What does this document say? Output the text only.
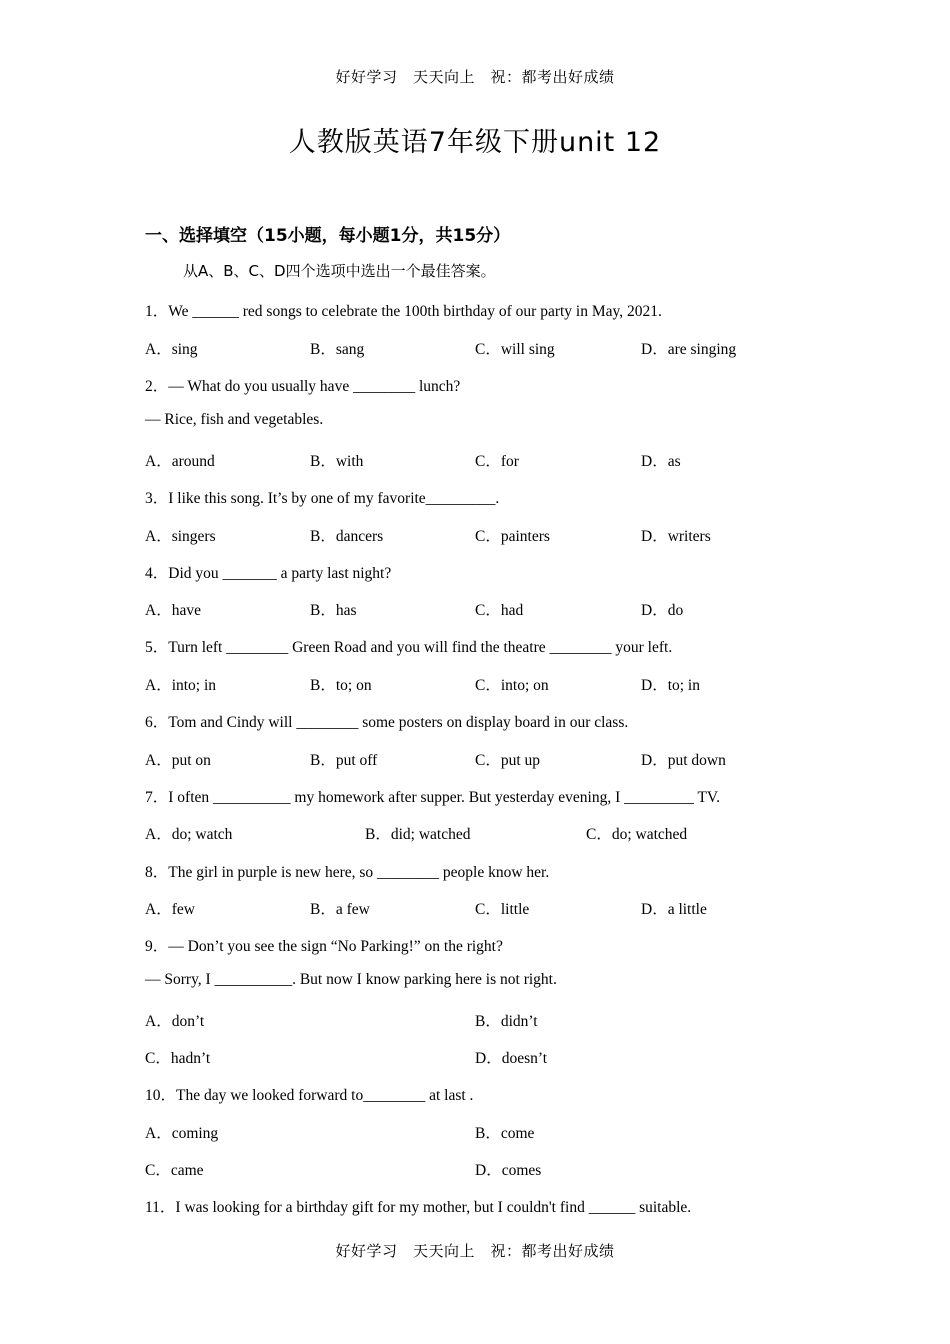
好好学习　天天向上　祝：都考出好成绩
人教版英语7年级下册unit 12
一、选择填空（15小题，每小题1分，共15分）
从A、B、C、D四个选项中选出一个最佳答案。
1．We ______ red songs to celebrate the 100th birthday of our party in May, 2021.
A．sing	B．sang	C．will sing	D．are singing
2．— What do you usually have ________ lunch?
— Rice, fish and vegetables.
A．around	B．with	C．for	D．as
3．I like this song. It’s by one of my favorite_________.
A．singers	B．dancers	C．painters	D．writers
4．Did you _______ a party last night?
A．have	B．has	C．had	D．do
5．Turn left ________ Green Road and you will find the theatre ________ your left.
A．into; in	B．to; on	C．into; on	D．to; in
6．Tom and Cindy will ________ some posters on display board in our class.
A．put on	B．put off	C．put up	D．put down
7．I often __________ my homework after supper. But yesterday evening, I _________ TV.
A．do; watch	B．did; watched	C．do; watched
8．The girl in purple is new here, so ________ people know her.
A．few	B．a few	C．little	D．a little
9．— Don’t you see the sign “No Parking!” on the right?
— Sorry, I __________. But now I know parking here is not right.
A．don’t	B．didn’t
C．hadn’t	D．doesn’t
10．The day we looked forward to________ at last .
A．coming	B．come
C．came	D．comes
11．I was looking for a birthday gift for my mother, but I couldn't find ______ suitable.
好好学习　天天向上　祝：都考出好成绩
